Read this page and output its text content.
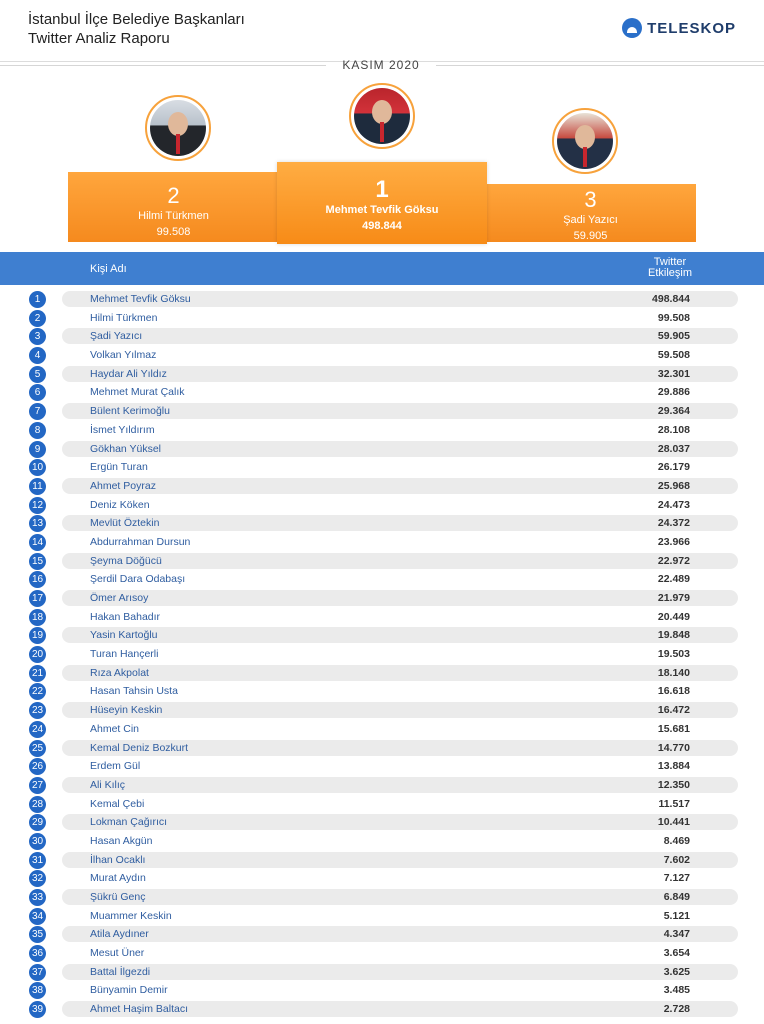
İstanbul İlçe Belediye Başkanları
Twitter Analiz Raporu
TELESKOP
KASIM 2020
2
Hilmi Türkmen
99.508
1
Mehmet Tevfik Göksu
498.844
3
Şadi Yazıcı
59.905
Kişi Adı
Twitter
Etkileşim
1	Mehmet Tevfik Göksu	498.844
2	Hilmi Türkmen	99.508
3	Şadi Yazıcı	59.905
4	Volkan Yılmaz	59.508
5	Haydar Ali Yıldız	32.301
6	Mehmet Murat Çalık	29.886
7	Bülent Kerimoğlu	29.364
8	İsmet Yıldırım	28.108
9	Gökhan Yüksel	28.037
10	Ergün Turan	26.179
11	Ahmet Poyraz	25.968
12	Deniz Köken	24.473
13	Mevlüt Öztekin	24.372
14	Abdurrahman Dursun	23.966
15	Şeyma Döğücü	22.972
16	Şerdil Dara Odabaşı	22.489
17	Ömer Arısoy	21.979
18	Hakan Bahadır	20.449
19	Yasin Kartoğlu	19.848
20	Turan Hançerli	19.503
21	Rıza Akpolat	18.140
22	Hasan Tahsin Usta	16.618
23	Hüseyin Keskin	16.472
24	Ahmet Cin	15.681
25	Kemal Deniz Bozkurt	14.770
26	Erdem Gül	13.884
27	Ali Kılıç	12.350
28	Kemal Çebi	11.517
29	Lokman Çağırıcı	10.441
30	Hasan Akgün	8.469
31	İlhan Ocaklı	7.602
32	Murat Aydın	7.127
33	Şükrü Genç	6.849
34	Muammer Keskin	5.121
35	Atila Aydıner	4.347
36	Mesut Üner	3.654
37	Battal İlgezdi	3.625
38	Bünyamin Demir	3.485
39	Ahmet Haşim Baltacı	2.728
